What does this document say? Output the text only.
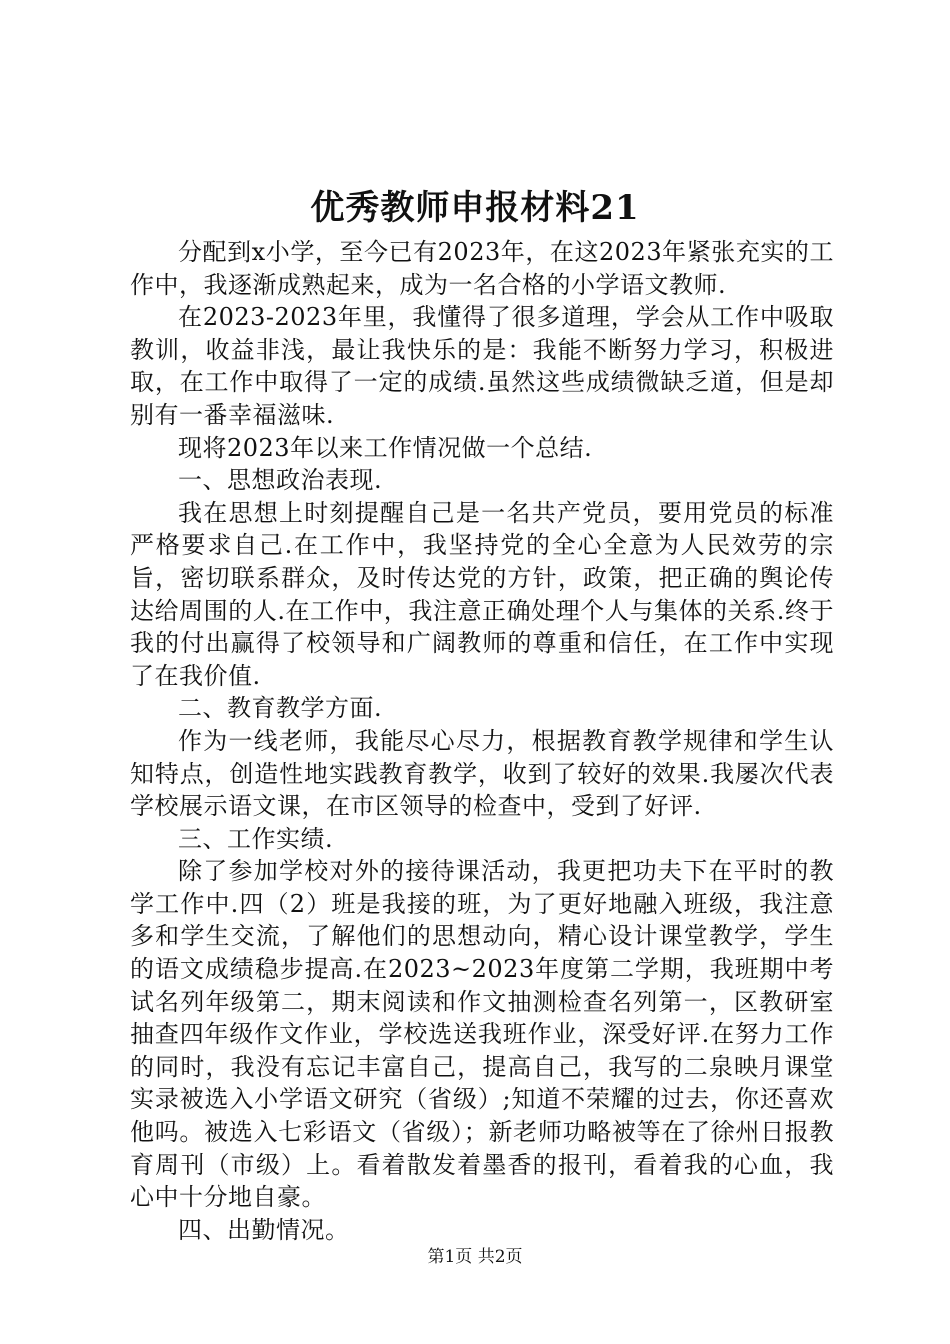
优秀教师申报材料21

分配到x小学，至今已有2023年，在这2023年紧张充实的工作中，我逐渐成熟起来，成为一名合格的小学语文教师.

在2023-2023年里，我懂得了很多道理，学会从工作中吸取教训，收益非浅，最让我快乐的是：我能不断努力学习，积极进取，在工作中取得了一定的成绩.虽然这些成绩微缺乏道，但是却别有一番幸福滋味.

现将2023年以来工作情况做一个总结.

一、思想政治表现.

我在思想上时刻提醒自己是一名共产党员，要用党员的标准严格要求自己.在工作中，我坚持党的全心全意为人民效劳的宗旨，密切联系群众，及时传达党的方针，政策，把正确的舆论传达给周围的人.在工作中，我注意正确处理个人与集体的关系.终于我的付出赢得了校领导和广阔教师的尊重和信任，在工作中实现了在我价值.

二、教育教学方面.

作为一线老师，我能尽心尽力，根据教育教学规律和学生认知特点，创造性地实践教育教学，收到了较好的效果.我屡次代表学校展示语文课，在市区领导的检查中，受到了好评.

三、工作实绩.

除了参加学校对外的接待课活动，我更把功夫下在平时的教学工作中.四（2）班是我接的班，为了更好地融入班级，我注意多和学生交流，了解他们的思想动向，精心设计课堂教学，学生的语文成绩稳步提高.在2023~2023年度第二学期，我班期中考试名列年级第二，期末阅读和作文抽测检查名列第一，区教研室抽查四年级作文作业，学校选送我班作业，深受好评.在努力工作的同时，我没有忘记丰富自己，提高自己，我写的二泉映月课堂实录被选入小学语文研究（省级）;知道不荣耀的过去，你还喜欢他吗。被选入七彩语文（省级）；新老师功略被等在了徐州日报教育周刊（市级）上。看着散发着墨香的报刊，看着我的心血，我心中十分地自豪。

四、出勤情况。

第1页 共2页
